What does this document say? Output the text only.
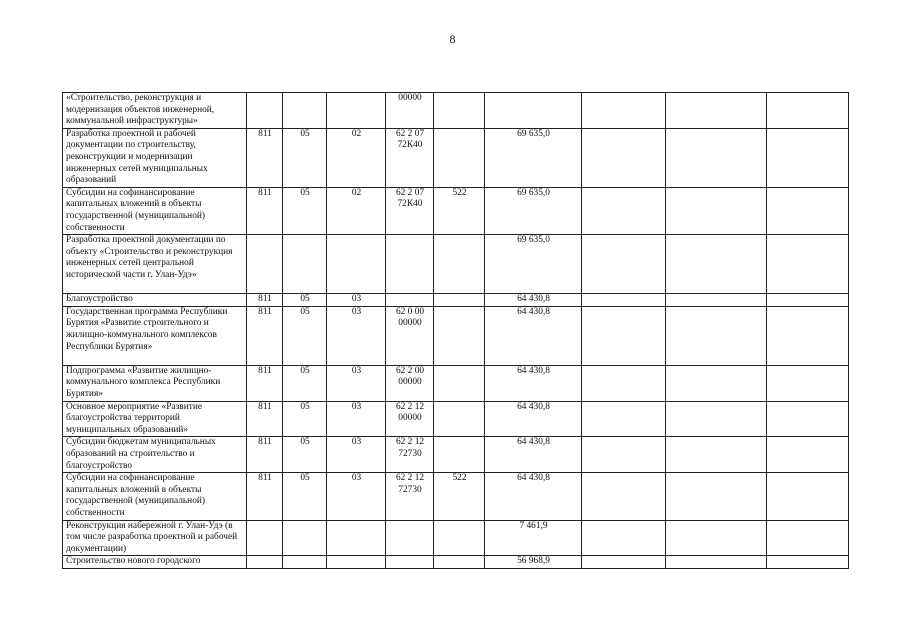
8
«Строительство, реконструкция и модернизация объектов инженерной, коммунальной инфраструктуры»				00000					
Разработка проектной и рабочей документации по строительству, реконструкции и модернизации инженерных сетей муниципальных образований	811	05	02	62 2 07 72К40		69 635,0			
Субсидии на софинансирование капитальных вложений в объекты государственной (муниципальной) собственности	811	05	02	62 2 07 72К40	522	69 635,0			
Разработка проектной документации по объекту «Строительство и реконструкция инженерных сетей центральной исторической части г. Улан-Удэ»						69 635,0			
Благоустройство	811	05	03			64 430,8			
Государственная программа Республики Бурятия «Развитие строительного и жилищно-коммунального комплексов Республики Бурятия»	811	05	03	62 0 00 00000		64 430,8			
Подпрограмма «Развитие жилищно-коммунального комплекса Республики Бурятия»	811	05	03	62 2 00 00000		64 430,8			
Основное мероприятие «Развитие благоустройства территорий муниципальных образований»	811	05	03	62 2 12 00000		64 430,8			
Субсидии бюджетам муниципальных образований на строительство и благоустройство	811	05	03	62 2 12 72730		64 430,8			
Субсидии на софинансирование капитальных вложений в объекты государственной (муниципальной) собственности	811	05	03	62 2 12 72730	522	64 430,8			
Реконструкция набережной г. Улан-Удэ (в том числе разработка проектной и рабочей документации)						7 461,9			
Строительство нового городского						56 968,9			
